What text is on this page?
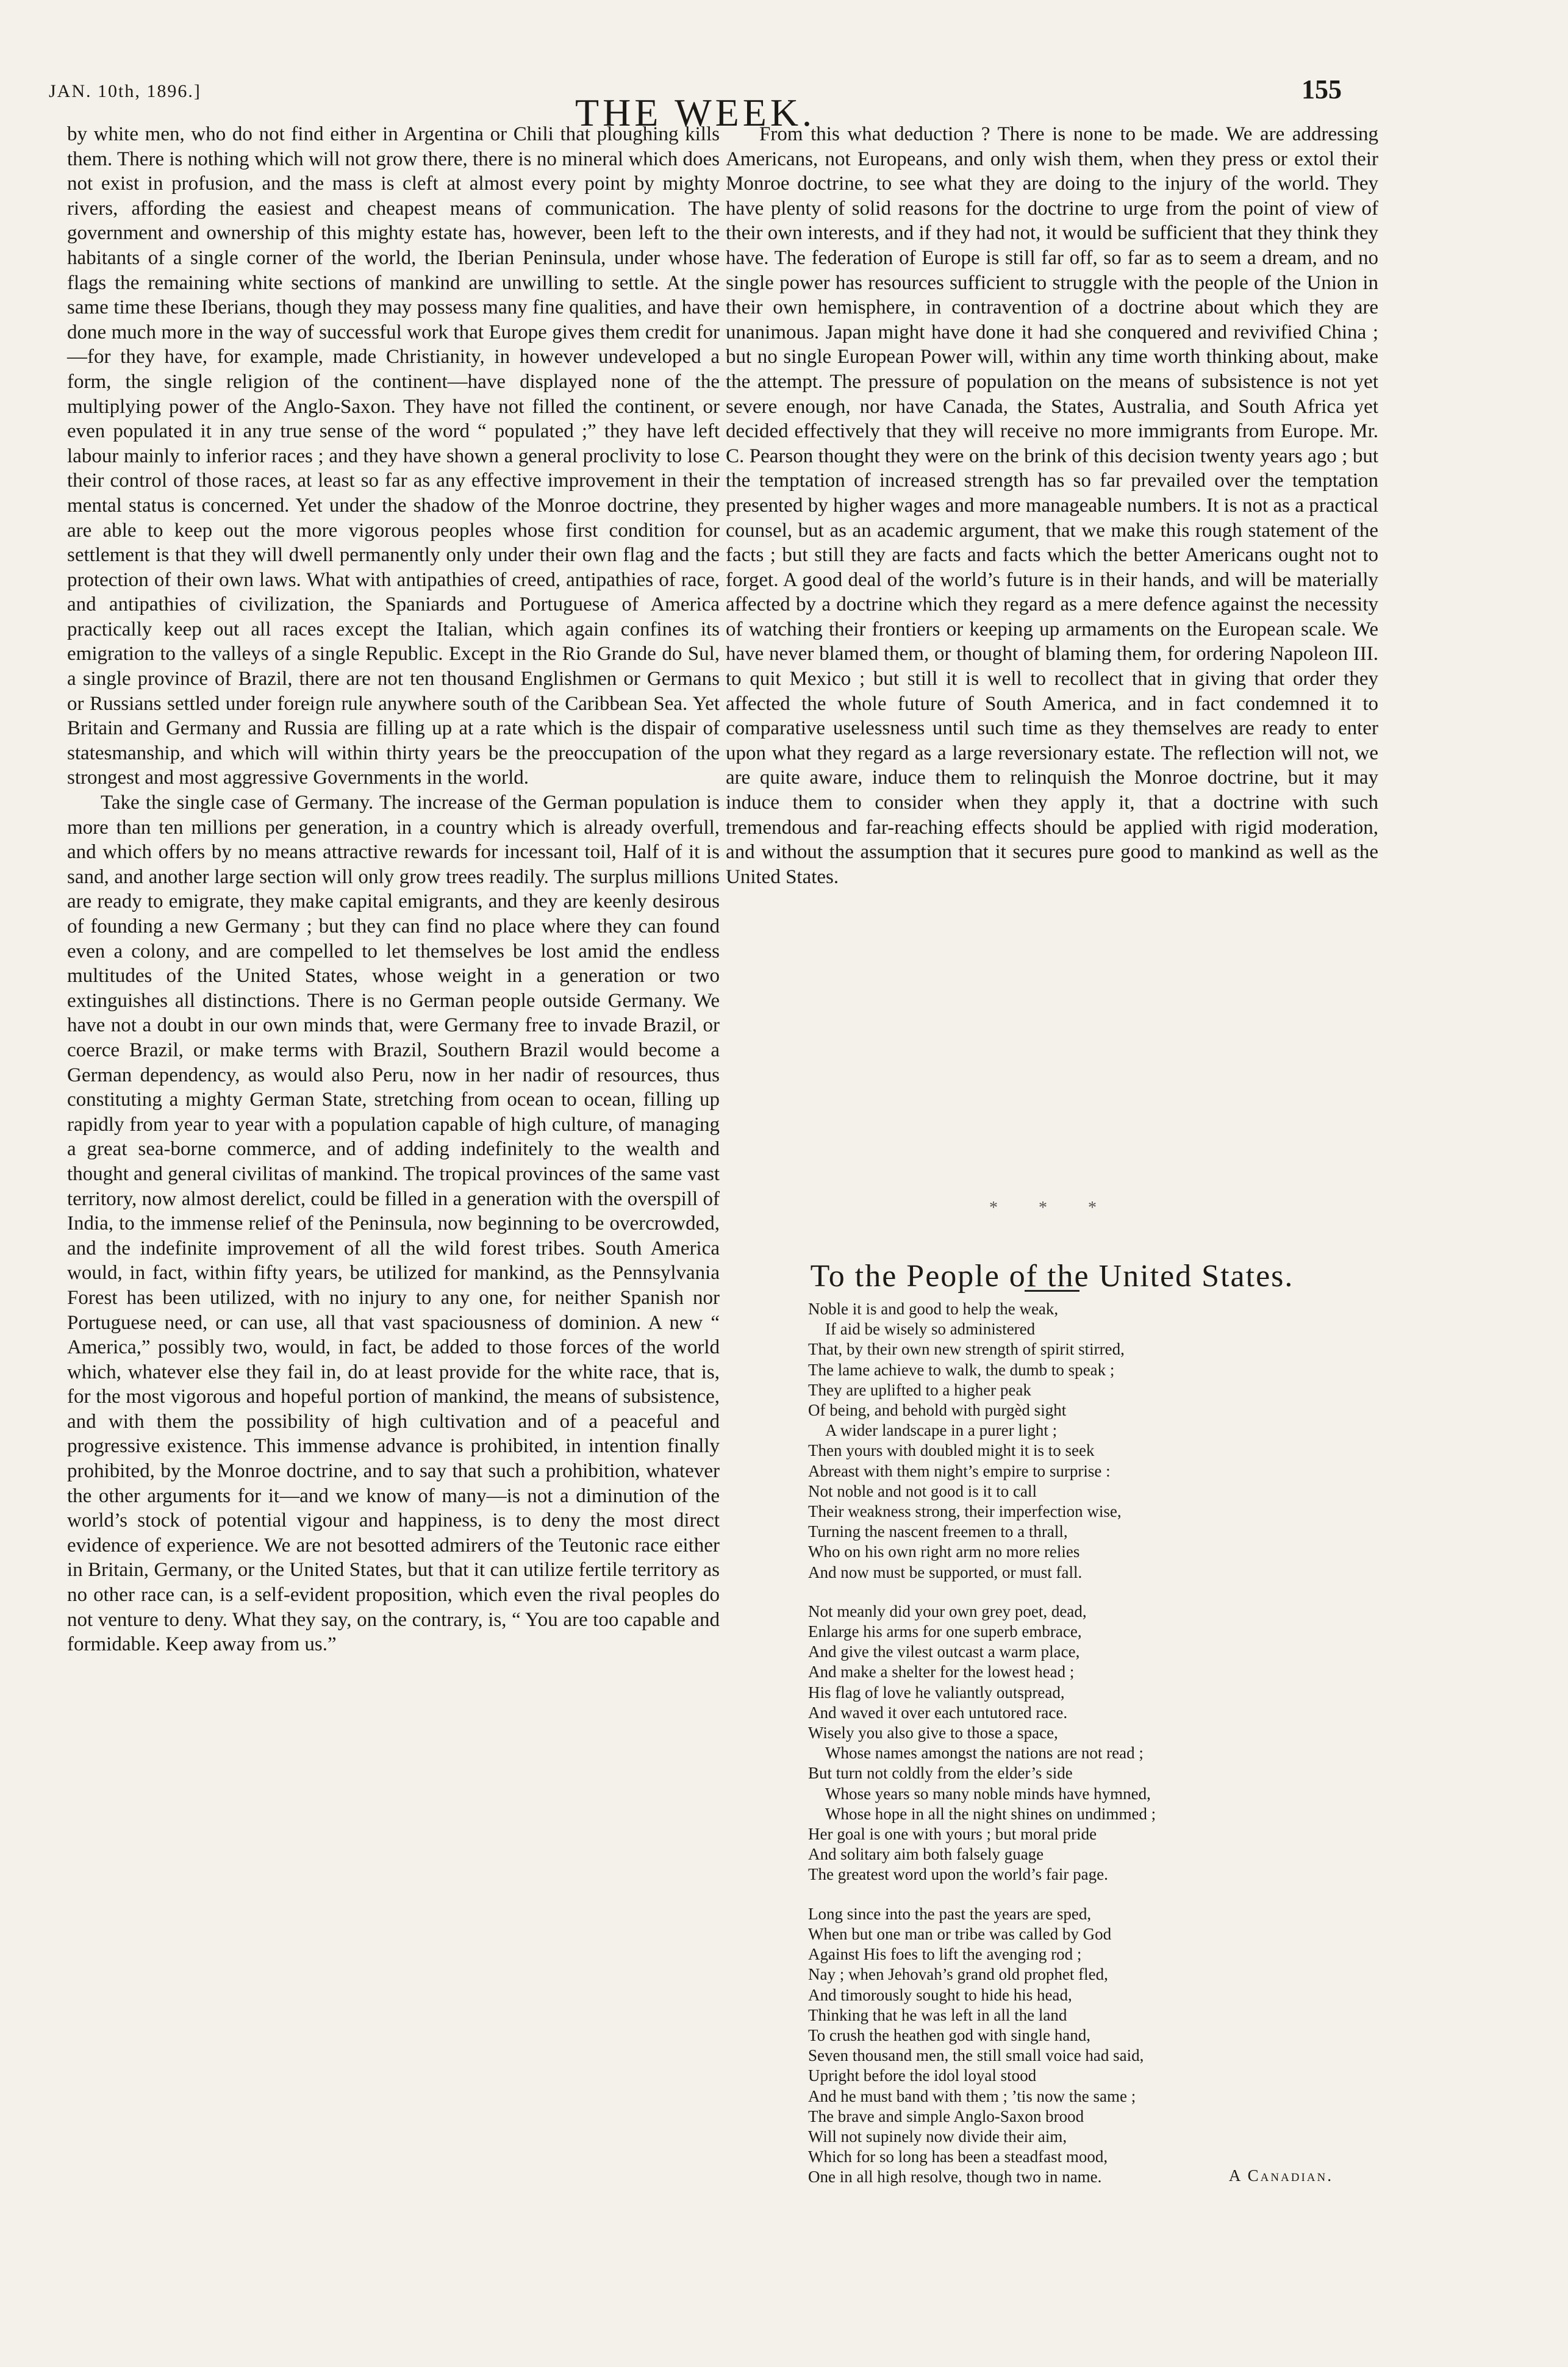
JAN. 10th, 1896.]	THE WEEK.
155

by white men, who do not find either in Argentina or Chili that ploughing kills them. There is nothing which will not grow there, there is no mineral which does not exist in profusion, and the mass is cleft at almost every point by mighty rivers, affording the easiest and cheapest means of communication. The government and ownership of this mighty estate has, however, been left to the habitants of a single corner of the world, the Iberian Peninsula, under whose flags the remaining white sections of mankind are unwilling to settle. At the same time these Iberians, though they may possess many fine qualities, and have done much more in the way of successful work that Europe gives them credit for—for they have, for example, made Christianity, in however undeveloped a form, the single religion of the continent—have displayed none of the multiplying power of the Anglo-Saxon. They have not filled the continent, or even populated it in any true sense of the word “ populated ;” they have left labour mainly to inferior races ; and they have shown a general proclivity to lose their control of those races, at least so far as any effective improvement in their mental status is concerned. Yet under the shadow of the Monroe doctrine, they are able to keep out the more vigorous peoples whose first condition for settlement is that they will dwell permanently only under their own flag and the protection of their own laws. What with antipathies of creed, antipathies of race, and antipathies of civilization, the Spaniards and Portuguese of America practically keep out all races except the Italian, which again confines its emigration to the valleys of a single Republic. Except in the Rio Grande do Sul, a single province of Brazil, there are not ten thousand Englishmen or Germans or Russians settled under foreign rule anywhere south of the Caribbean Sea. Yet Britain and Germany and Russia are filling up at a rate which is the dispair of statesmanship, and which will within thirty years be the preoccupation of the strongest and most aggressive Governments in the world.

Take the single case of Germany. The increase of the German population is more than ten millions per generation, in a country which is already overfull, and which offers by no means attractive rewards for incessant toil, Half of it is sand, and another large section will only grow trees readily. The surplus millions are ready to emigrate, they make capital emigrants, and they are keenly desirous of founding a new Germany ; but they can find no place where they can found even a colony, and are compelled to let themselves be lost amid the endless multitudes of the United States, whose weight in a generation or two extinguishes all distinctions. There is no German people outside Germany. We have not a doubt in our own minds that, were Germany free to invade Brazil, or coerce Brazil, or make terms with Brazil, Southern Brazil would become a German dependency, as would also Peru, now in her nadir of resources, thus constituting a mighty German State, stretching from ocean to ocean, filling up rapidly from year to year with a population capable of high culture, of managing a great sea-borne commerce, and of adding indefinitely to the wealth and thought and general civilitas of mankind. The tropical provinces of the same vast territory, now almost derelict, could be filled in a generation with the overspill of India, to the immense relief of the Peninsula, now beginning to be overcrowded, and the indefinite improvement of all the wild forest tribes. South America would, in fact, within fifty years, be utilized for mankind, as the Pennsylvania Forest has been utilized, with no injury to any one, for neither Spanish nor Portuguese need, or can use, all that vast spaciousness of dominion. A new “ America,” possibly two, would, in fact, be added to those forces of the world which, whatever else they fail in, do at least provide for the white race, that is, for the most vigorous and hopeful portion of mankind, the means of subsistence, and with them the possibility of high cultivation and of a peaceful and progressive existence. This immense advance is prohibited, in intention finally prohibited, by the Monroe doctrine, and to say that such a prohibition, whatever the other arguments for it—and we know of many—is not a diminution of the world’s stock of potential vigour and happiness, is to deny the most direct evidence of experience. We are not besotted admirers of the Teutonic race either in Britain, Germany, or the United States, but that it can utilize fertile territory as no other race can, is a self-evident proposition, which even the rival peoples do not venture to deny. What they say, on the contrary, is, “ You are too capable and formidable. Keep away from us.”

From this what deduction ? There is none to be made. We are addressing Americans, not Europeans, and only wish them, when they press or extol their Monroe doctrine, to see what they are doing to the injury of the world. They have plenty of solid reasons for the doctrine to urge from the point of view of their own interests, and if they had not, it would be sufficient that they think they have. The federation of Europe is still far off, so far as to seem a dream, and no single power has resources sufficient to struggle with the people of the Union in their own hemisphere, in contravention of a doctrine about which they are unanimous. Japan might have done it had she conquered and revivified China ; but no single European Power will, within any time worth thinking about, make the attempt. The pressure of population on the means of subsistence is not yet severe enough, nor have Canada, the States, Australia, and South Africa yet decided effectively that they will receive no more immigrants from Europe. Mr. C. Pearson thought they were on the brink of this decision twenty years ago ; but the temptation of increased strength has so far prevailed over the temptation presented by higher wages and more manageable numbers. It is not as a practical counsel, but as an academic argument, that we make this rough statement of the facts ; but still they are facts and facts which the better Americans ought not to forget. A good deal of the world’s future is in their hands, and will be materially affected by a doctrine which they regard as a mere defence against the necessity of watching their frontiers or keeping up armaments on the European scale. We have never blamed them, or thought of blaming them, for ordering Napoleon III. to quit Mexico ; but still it is well to recollect that in giving that order they affected the whole future of South America, and in fact condemned it to comparative uselessness until such time as they themselves are ready to enter upon what they regard as a large reversionary estate. The reflection will not, we are quite aware, induce them to relinquish the Monroe doctrine, but it may induce them to consider when they apply it, that a doctrine with such tremendous and far-reaching effects should be applied with rigid moderation, and without the assumption that it secures pure good to mankind as well as the United States.

* * *
To the People of the United States.
Noble it is and good to help the weak,
If aid be wisely so administered
That, by their own new strength of spirit stirred,
The lame achieve to walk, the dumb to speak ;
They are uplifted to a higher peak
Of being, and behold with purgèd sight
A wider landscape in a purer light ;
Then yours with doubled might it is to seek
Abreast with them night’s empire to surprise :
Not noble and not good is it to call
Their weakness strong, their imperfection wise,
Turning the nascent freemen to a thrall,
Who on his own right arm no more relies
And now must be supported, or must fall.
Not meanly did your own grey poet, dead,
Enlarge his arms for one superb embrace,
And give the vilest outcast a warm place,
And make a shelter for the lowest head ;
His flag of love he valiantly outspread,
And waved it over each untutored race.
Wisely you also give to those a space,
Whose names amongst the nations are not read ;
But turn not coldly from the elder’s side
Whose years so many noble minds have hymned,
Whose hope in all the night shines on undimmed ;
Her goal is one with yours ; but moral pride
And solitary aim both falsely guage
The greatest word upon the world’s fair page.
Long since into the past the years are sped,
When but one man or tribe was called by God
Against His foes to lift the avenging rod ;
Nay ; when Jehovah’s grand old prophet fled,
And timorously sought to hide his head,
Thinking that he was left in all the land
To crush the heathen god with single hand,
Seven thousand men, the still small voice had said,
Upright before the idol loyal stood
And he must band with them ; ’tis now the same ;
The brave and simple Anglo-Saxon brood
Will not supinely now divide their aim,
Which for so long has been a steadfast mood,
One in all high resolve, though two in name.	A Canadian.
